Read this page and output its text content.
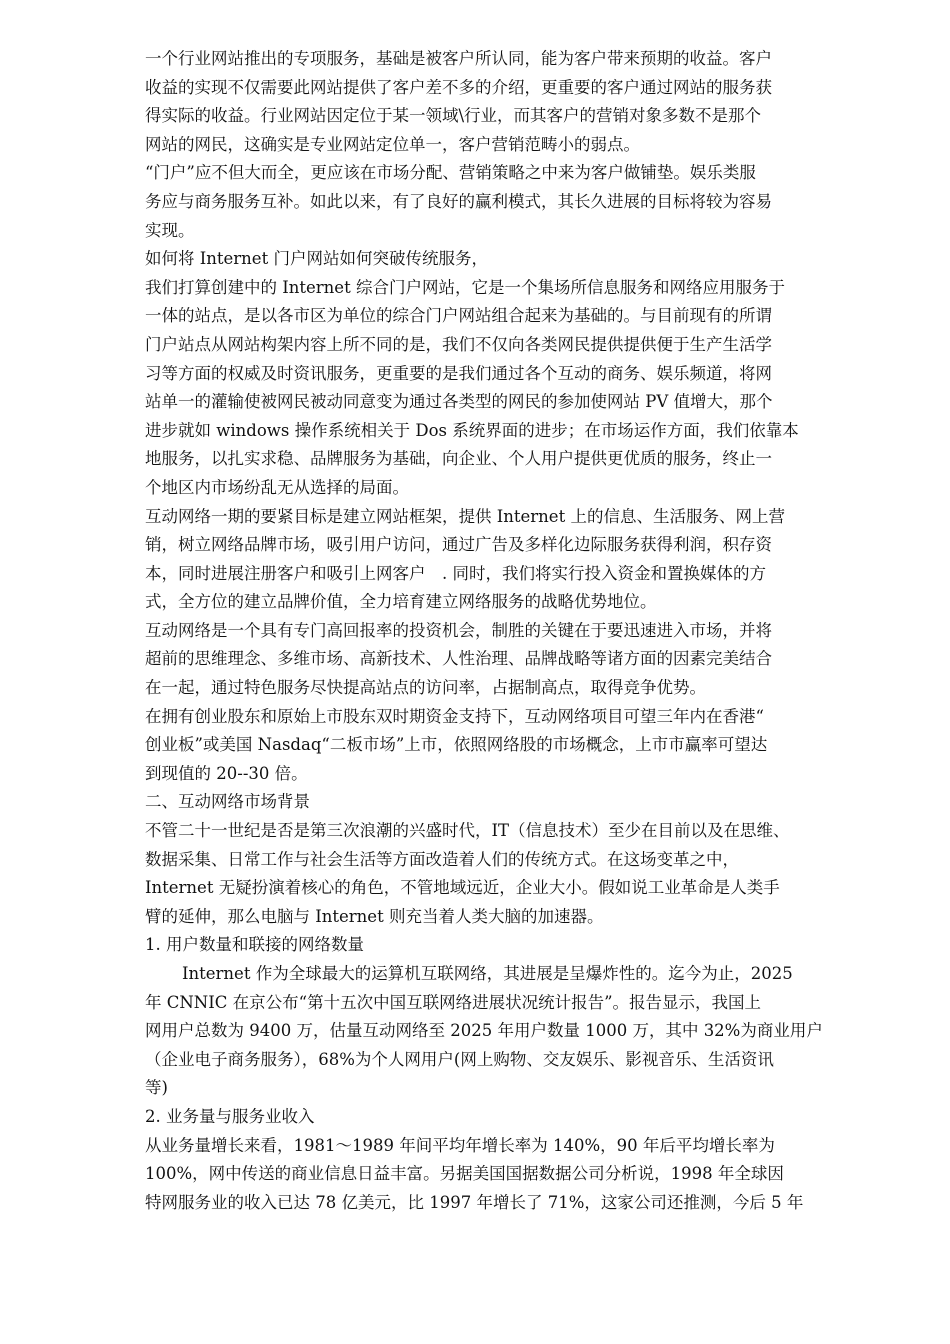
一个行业网站推出的专项服务，基础是被客户所认同，能为客户带来预期的收益。客户
收益的实现不仅需要此网站提供了客户差不多的介绍，更重要的客户通过网站的服务获
得实际的收益。行业网站因定位于某一领域\行业，而其客户的营销对象多数不是那个
网站的网民，这确实是专业网站定位单一，客户营销范畴小的弱点。
“门户”应不但大而全，更应该在市场分配、营销策略之中来为客户做铺垫。娱乐类服
务应与商务服务互补。如此以来，有了良好的赢利模式，其长久进展的目标将较为容易
实现。
如何将 Internet 门户网站如何突破传统服务，
我们打算创建中的 Internet 综合门户网站，它是一个集场所信息服务和网络应用服务于
一体的站点，是以各市区为单位的综合门户网站组合起来为基础的。与目前现有的所谓
门户站点从网站构架内容上所不同的是，我们不仅向各类网民提供提供便于生产生活学
习等方面的权威及时资讯服务，更重要的是我们通过各个互动的商务、娱乐频道，将网
站单一的灌输使被网民被动同意变为通过各类型的网民的参加使网站 PV 值增大，那个
进步就如 windows 操作系统相关于 Dos 系统界面的进步；在市场运作方面，我们依靠本
地服务，以扎实求稳、品牌服务为基础，向企业、个人用户提供更优质的服务，终止一
个地区内市场纷乱无从选择的局面。
互动网络一期的要紧目标是建立网站框架，提供 Internet 上的信息、生活服务、网上营
销，树立网络品牌市场，吸引用户访问，通过广告及多样化边际服务获得利润，积存资
本，同时进展注册客户和吸引上网客户　. 同时，我们将实行投入资金和置换媒体的方
式，全方位的建立品牌价值，全力培育建立网络服务的战略优势地位。
互动网络是一个具有专门高回报率的投资机会，制胜的关键在于要迅速进入市场，并将
超前的思维理念、多维市场、高新技术、人性治理、品牌战略等诸方面的因素完美结合
在一起，通过特色服务尽快提高站点的访问率，占据制高点，取得竞争优势。
在拥有创业股东和原始上市股东双时期资金支持下，互动网络项目可望三年内在香港“
创业板”或美国 Nasdaq“二板市场”上市，依照网络股的市场概念，上市市赢率可望达
到现值的 20--30 倍。
二、互动网络市场背景
不管二十一世纪是否是第三次浪潮的兴盛时代，IT（信息技术）至少在目前以及在思维、
数据采集、日常工作与社会生活等方面改造着人们的传统方式。在这场变革之中，
Internet 无疑扮演着核心的角色，不管地域远近，企业大小。假如说工业革命是人类手
臂的延伸，那么电脑与 Internet 则充当着人类大脑的加速器。
1. 用户数量和联接的网络数量
Internet 作为全球最大的运算机互联网络，其进展是呈爆炸性的。迄今为止，2025
年 CNNIC 在京公布“第十五次中国互联网络进展状况统计报告”。报告显示，我国上
网用户总数为 9400 万，估量互动网络至 2025 年用户数量 1000 万，其中 32%为商业用户
（企业电子商务服务），68%为个人网用户(网上购物、交友娱乐、影视音乐、生活资讯
等)
2. 业务量与服务业收入
从业务量增长来看，1981～1989 年间平均年增长率为 140%，90 年后平均增长率为
100%，网中传送的商业信息日益丰富。另据美国国据数据公司分析说，1998 年全球因
特网服务业的收入已达 78 亿美元，比 1997 年增长了 71%，这家公司还推测，今后 5 年
